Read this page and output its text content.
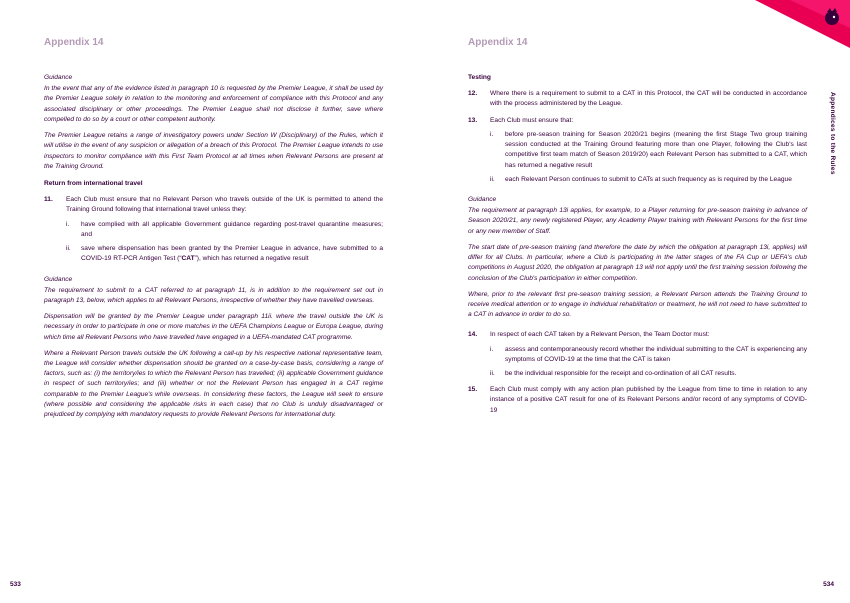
Appendix 14	Appendix 14
Appendices to the Rules
Guidance

In the event that any of the evidence listed in paragraph 10 is requested by the Premier League, it shall be used by the Premier League solely in relation to the monitoring and enforcement of compliance with this Protocol and any associated disciplinary or other proceedings. The Premier League shall not disclose it further, save where compelled to do so by a court or other competent authority.

The Premier League retains a range of investigatory powers under Section W (Disciplinary) of the Rules, which it will utilise in the event of any suspicion or allegation of a breach of this Protocol. The Premier League intends to use inspectors to monitor compliance with this First Team Protocol at all times when Relevant Persons are present at the Training Ground.

Return from international travel
11.	Each Club must ensure that no Relevant Person who travels outside of the UK is permitted to attend the Training Ground following that international travel unless they:
i.	have complied with all applicable Government guidance regarding post-travel quarantine measures; and
ii.	save where dispensation has been granted by the Premier League in advance, have submitted to a COVID-19 RT-PCR Antigen Test (“CAT”), which has returned a negative result
Guidance

The requirement to submit to a CAT referred to at paragraph 11, is in addition to the requirement set out in paragraph 13, below, which applies to all Relevant Persons, irrespective of whether they have travelled overseas.

Dispensation will be granted by the Premier League under paragraph 11ii. where the travel outside the UK is necessary in order to participate in one or more matches in the UEFA Champions League or Europa League, during which time all Relevant Persons who have travelled have engaged in a UEFA-mandated CAT programme.

Where a Relevant Person travels outside the UK following a call-up by his respective national representative team, the League will consider whether dispensation should be granted on a case-by-case basis, considering a range of factors, such as: (i) the territory/ies to which the Relevant Person has travelled; (ii) applicable Government guidance in respect of such territory/ies; and (iii) whether or not the Relevant Person has engaged in a CAT regime comparable to the Premier League's while overseas. In considering these factors, the League will seek to ensure (where possible and considering the applicable risks in each case) that no Club is unduly disadvantaged or prejudiced by complying with mandatory requests to provide Relevant Persons for international duty.

Testing
12.	Where there is a requirement to submit to a CAT in this Protocol, the CAT will be conducted in accordance with the process administered by the League.
13.	Each Club must ensure that:
i.	before pre-season training for Season 2020/21 begins (meaning the first Stage Two group training session conducted at the Training Ground featuring more than one Player, following the Club's last competitive first team match of Season 2019/20) each Relevant Person has submitted to a CAT, which has returned a negative result
ii.	each Relevant Person continues to submit to CATs at such frequency as is required by the League
Guidance

The requirement at paragraph 13i applies, for example, to a Player returning for pre-season training in advance of Season 2020/21, any newly registered Player, any Academy Player training with Relevant Persons for the first time or any new member of Staff.

The start date of pre-season training (and therefore the date by which the obligation at paragraph 13i, applies) will differ for all Clubs. In particular, where a Club is participating in the latter stages of the FA Cup or UEFA's club competitions in August 2020, the obligation at paragraph 13 will not apply until the first training session following the conclusion of the Club's participation in either competition.

Where, prior to the relevant first pre-season training session, a Relevant Person attends the Training Ground to receive medical attention or to engage in individual rehabilitation or treatment, he will not need to have submitted to a CAT in advance in order to do so.

14.	In respect of each CAT taken by a Relevant Person, the Team Doctor must:
i.	assess and contemporaneously record whether the individual submitting to the CAT is experiencing any symptoms of COVID-19 at the time that the CAT is taken
ii.	be the individual responsible for the receipt and co-ordination of all CAT results.
15.	Each Club must comply with any action plan published by the League from time to time in relation to any instance of a positive CAT result for one of its Relevant Persons and/or record of any symptoms of COVID-19
533	534
